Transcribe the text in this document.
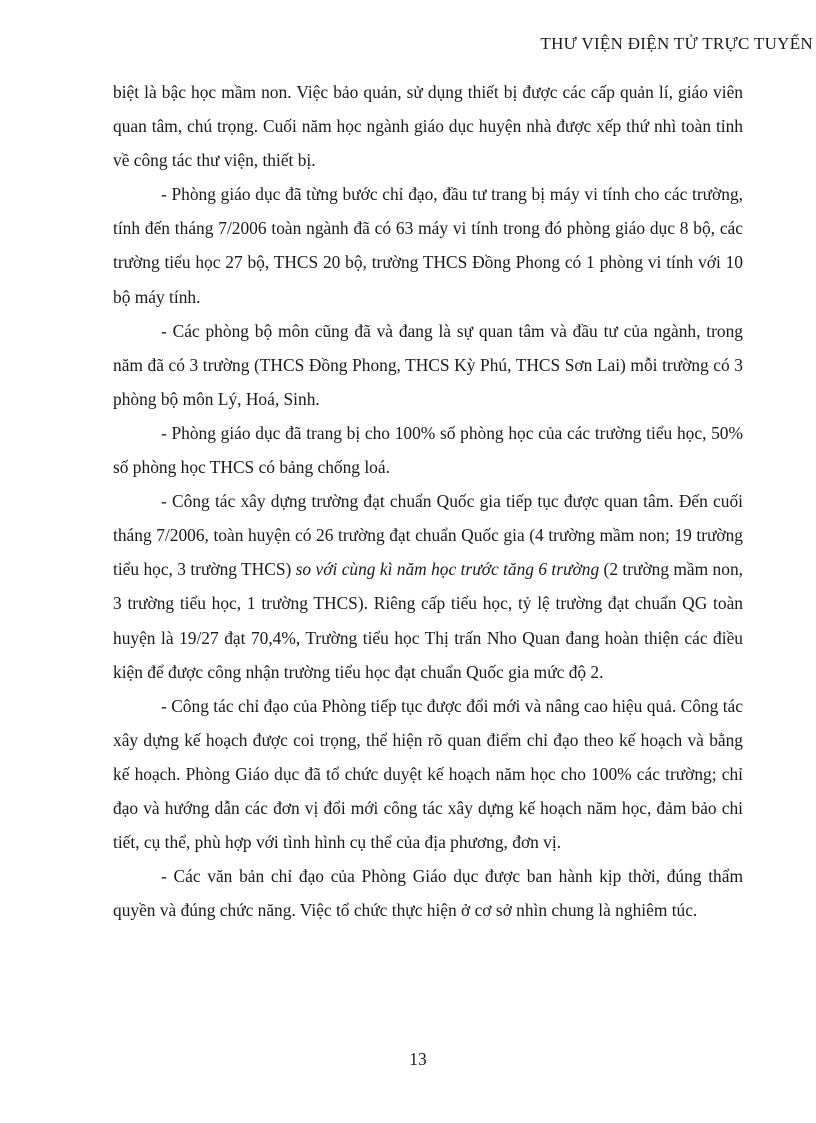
THƯ VIỆN ĐIỆN TỬ TRỰC TUYẾN

biệt là bậc học mầm non. Việc bảo quản, sử dụng thiết bị được các cấp quản lí, giáo viên quan tâm, chú trọng. Cuối năm học ngành giáo dục huyện nhà được xếp thứ nhì toàn tỉnh về công tác thư viện, thiết bị.

- Phòng giáo dục đã từng bước chỉ đạo, đầu tư trang bị máy vi tính cho các trường, tính đến tháng 7/2006 toàn ngành đã có 63 máy vi tính trong đó phòng giáo dục 8 bộ, các trường tiểu học 27 bộ, THCS 20 bộ, trường THCS Đồng Phong có 1 phòng vi tính với 10 bộ máy tính.

- Các phòng bộ môn cũng đã và đang là sự quan tâm và đầu tư của ngành, trong năm đã có 3 trường (THCS Đồng Phong, THCS Kỳ Phú, THCS Sơn Lai) mỗi trường có 3 phòng bộ môn Lý, Hoá, Sinh.

- Phòng giáo dục đã trang bị cho 100% số phòng học của các trường tiểu học, 50% số phòng học THCS có bảng chống loá.

- Công tác xây dựng trường đạt chuẩn Quốc gia tiếp tục được quan tâm. Đến cuối tháng 7/2006, toàn huyện có 26 trường đạt chuẩn Quốc gia (4 trường mầm non; 19 trường tiểu học, 3 trường THCS) so với cùng kì năm học trước tăng 6 trường (2 trường mầm non, 3 trường tiểu học, 1 trường THCS). Riêng cấp tiểu học, tỷ lệ trường đạt chuẩn QG toàn huyện là 19/27 đạt 70,4%, Trường tiểu học Thị trấn Nho Quan đang hoàn thiện các điều kiện để được công nhận trường tiểu học đạt chuẩn Quốc gia mức độ 2.

- Công tác chỉ đạo của Phòng tiếp tục được đổi mới và nâng cao hiệu quả. Công tác xây dựng kế hoạch được coi trọng, thể hiện rõ quan điểm chỉ đạo theo kế hoạch và bằng kế hoạch. Phòng Giáo dục đã tổ chức duyệt kế hoạch năm học cho 100% các trường; chỉ đạo và hướng dẫn các đơn vị đổi mới công tác xây dựng kế hoạch năm học, đảm bảo chi tiết, cụ thể, phù hợp với tình hình cụ thể của địa phương, đơn vị.

- Các văn bản chỉ đạo của Phòng Giáo dục được ban hành kịp thời, đúng thẩm quyền và đúng chức năng. Việc tổ chức thực hiện ở cơ sở nhìn chung là nghiêm túc.

13
